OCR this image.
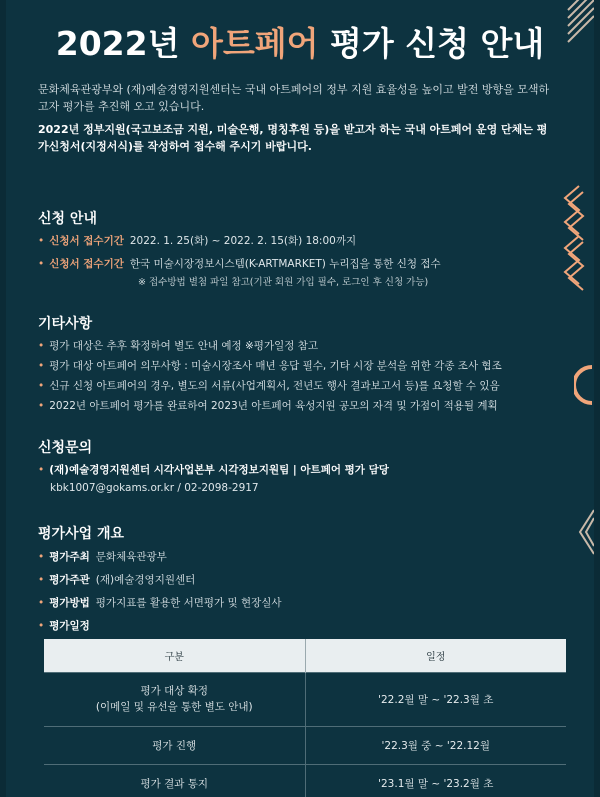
2022년 아트페어 평가 신청 안내

문화체육관광부와 (재)예술경영지원센터는 국내 아트페어의 정부 지원 효율성을 높이고 발전 방향을 모색하고자 평가를 추진해 오고 있습니다.

2022년 정부지원(국고보조금 지원, 미술은행, 명칭후원 등)을 받고자 하는 국내 아트페어 운영 단체는 평가신청서(지정서식)를 작성하여 접수해 주시기 바랍니다.

신청 안내
• 신청서 접수기간 2022. 1. 25(화) ~ 2022. 2. 15(화) 18:00까지
• 신청서 접수기간 한국 미술시장정보시스템(K-ARTMARKET) 누리집을 통한 신청 접수
※ 접수방법 별첨 파일 참고(기관 회원 가입 필수, 로그인 후 신청 가능)
기타사항
• 평가 대상은 추후 확정하여 별도 안내 예정 ※평가일정 참고
• 평가 대상 아트페어 의무사항 : 미술시장조사 매년 응답 필수, 기타 시장 분석을 위한 각종 조사 협조
• 신규 신청 아트페어의 경우, 별도의 서류(사업계획서, 전년도 행사 결과보고서 등)를 요청할 수 있음
• 2022년 아트페어 평가를 완료하여 2023년 아트페어 육성지원 공모의 자격 및 가점이 적용될 계획
신청문의
• (재)예술경영지원센터 시각사업본부 시각정보지원팀 | 아트페어 평가 담당
kbk1007@gokams.or.kr / 02-2098-2917
평가사업 개요
• 평가주최 문화체육관광부
• 평가주관 (재)예술경영지원센터
• 평가방법 평가지표를 활용한 서면평가 및 현장실사
• 평가일정
구분	일정

평가 대상 확정
(이메일 및 유선을 통한 별도 안내)	'22.2월 말 ~ '22.3월 초
평가 진행	'22.3월 중 ~ '22.12월
평가 결과 통지	'23.1월 말 ~ '23.2월 초
